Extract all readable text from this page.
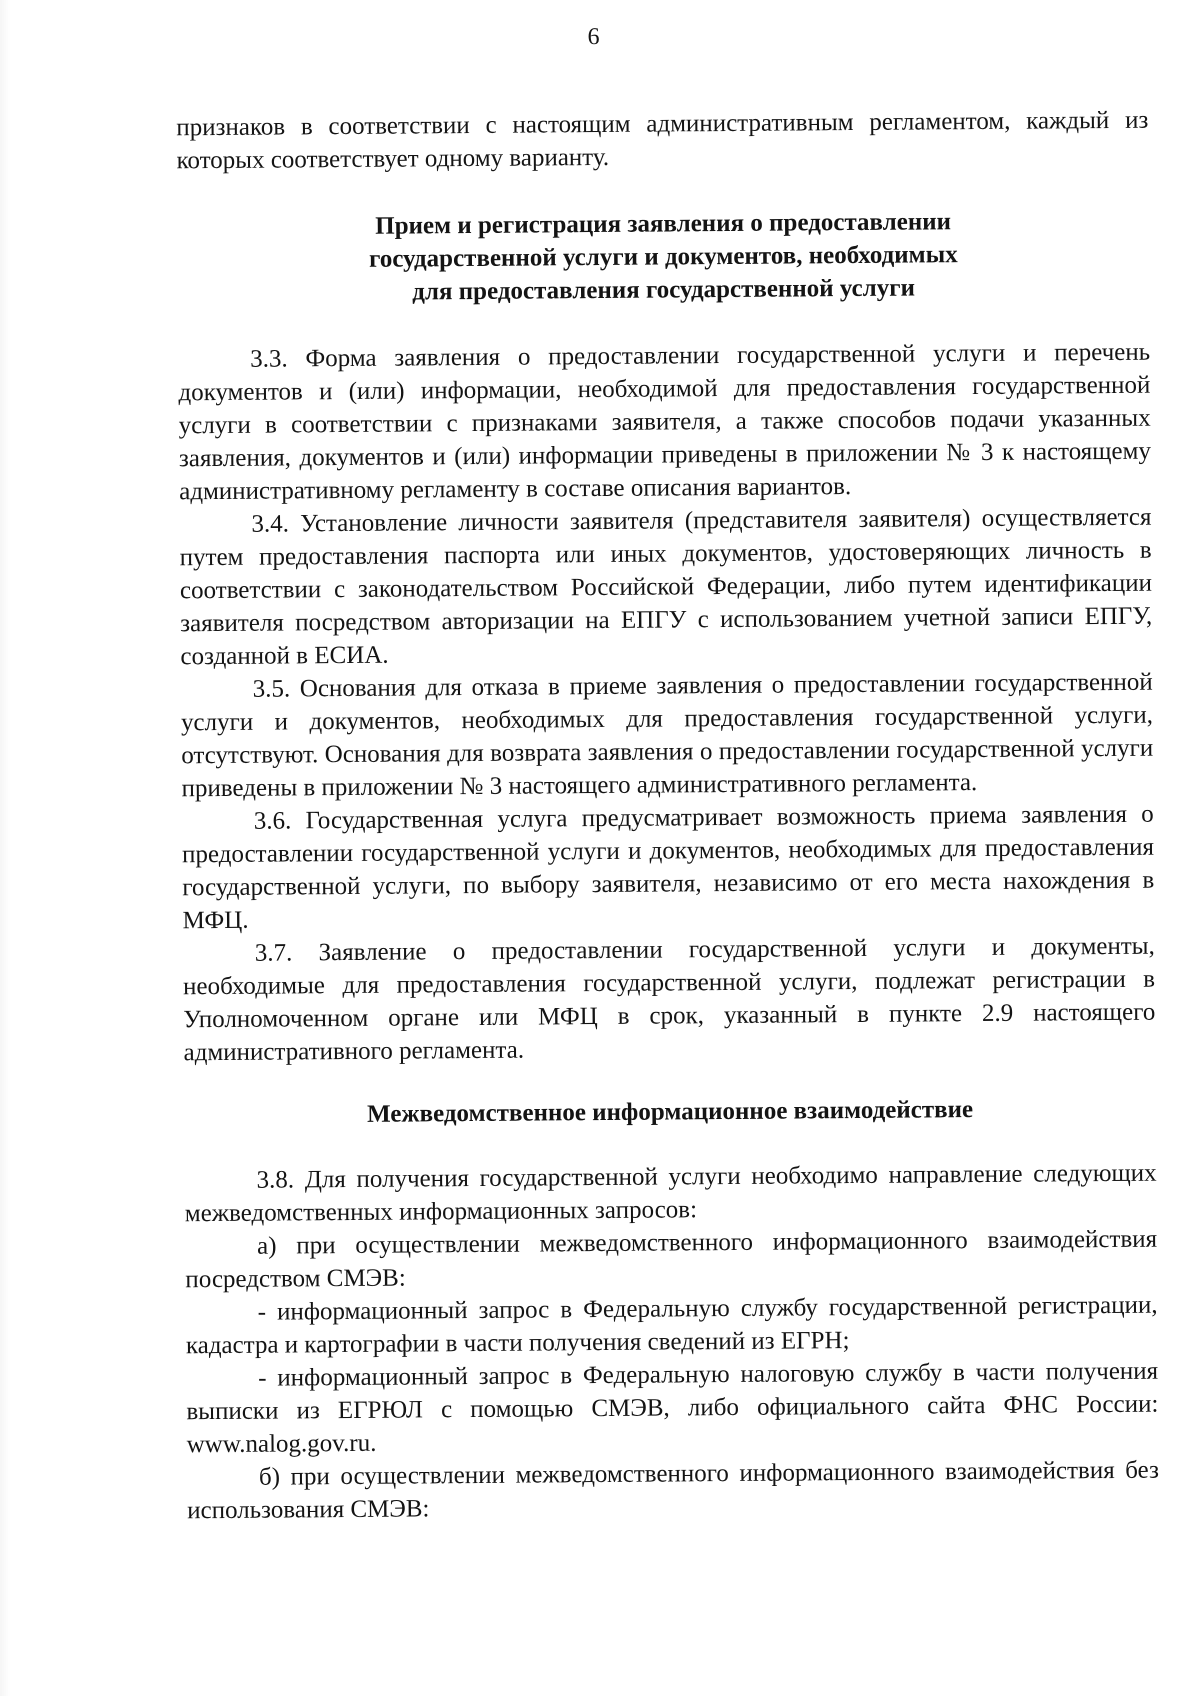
6

признаков в соответствии с настоящим административным регламентом, каждый из которых соответствует одному варианту.

Прием и регистрация заявления о предоставлении
государственной услуги и документов, необходимых
для предоставления государственной услуги

3.3. Форма заявления о предоставлении государственной услуги и перечень документов и (или) информации, необходимой для предоставления государственной услуги в соответствии с признаками заявителя, а также способов подачи указанных заявления, документов и (или) информации приведены в приложении № 3 к настоящему административному регламенту в составе описания вариантов.

3.4. Установление личности заявителя (представителя заявителя) осуществляется путем предоставления паспорта или иных документов, удостоверяющих личность в соответствии с законодательством Российской Федерации, либо путем идентификации заявителя посредством авторизации на ЕПГУ с использованием учетной записи ЕПГУ, созданной в ЕСИА.

3.5. Основания для отказа в приеме заявления о предоставлении государственной услуги и документов, необходимых для предоставления государственной услуги, отсутствуют. Основания для возврата заявления о предоставлении государственной услуги приведены в приложении № 3 настоящего административного регламента.

3.6. Государственная услуга предусматривает возможность приема заявления о предоставлении государственной услуги и документов, необходимых для предоставления государственной услуги, по выбору заявителя, независимо от его места нахождения в МФЦ.

3.7. Заявление о предоставлении государственной услуги и документы, необходимые для предоставления государственной услуги, подлежат регистрации в Уполномоченном органе или МФЦ в срок, указанный в пункте 2.9 настоящего административного регламента.

Межведомственное информационное взаимодействие

3.8. Для получения государственной услуги необходимо направление следующих межведомственных информационных запросов:

а) при осуществлении межведомственного информационного взаимодействия посредством СМЭВ:

- информационный запрос в Федеральную службу государственной регистрации, кадастра и картографии в части получения сведений из ЕГРН;

- информационный запрос в Федеральную налоговую службу в части получения выписки из ЕГРЮЛ с помощью СМЭВ, либо официального сайта ФНС России: www.nalog.gov.ru.

б) при осуществлении межведомственного информационного взаимодействия без использования СМЭВ:
